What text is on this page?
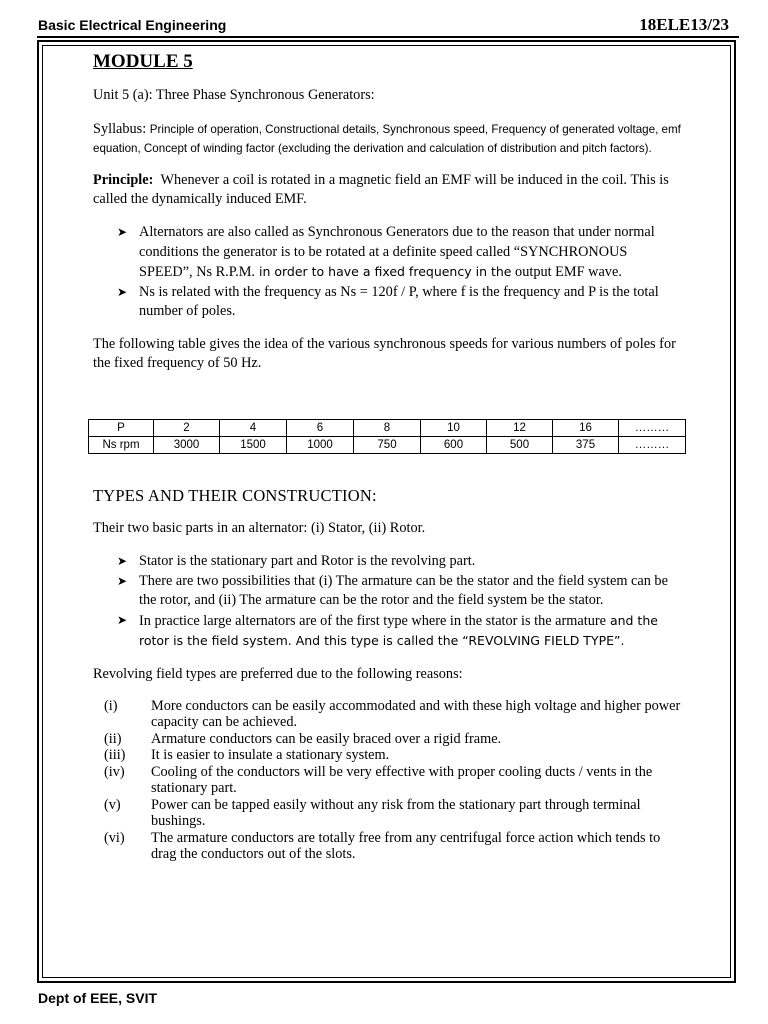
Basic Electrical Engineering	18ELE13/23
MODULE 5
Unit 5 (a): Three Phase Synchronous Generators:
Syllabus: Principle of operation, Constructional details, Synchronous speed, Frequency of generated voltage, emf equation, Concept of winding factor (excluding the derivation and calculation of distribution and pitch factors).
Principle: Whenever a coil is rotated in a magnetic field an EMF will be induced in the coil. This is called the dynamically induced EMF.
➤ Alternators are also called as Synchronous Generators due to the reason that under normal conditions the generator is to be rotated at a definite speed called “SYNCHRONOUS SPEED”, Ns R.P.M. in order to have a fixed frequency in the output EMF wave.
➤ Ns is related with the frequency as Ns = 120f / P, where f is the frequency and P is the total number of poles.
The following table gives the idea of the various synchronous speeds for various numbers of poles for the fixed frequency of 50 Hz.
P	2	4	6	8	10	12	16	………
Ns rpm	3000	1500	1000	750	600	500	375	………
TYPES AND THEIR CONSTRUCTION:
Their two basic parts in an alternator: (i) Stator, (ii) Rotor.
➤ Stator is the stationary part and Rotor is the revolving part.
➤ There are two possibilities that (i) The armature can be the stator and the field system can be the rotor, and (ii) The armature can be the rotor and the field system be the stator.
➤ In practice large alternators are of the first type where in the stator is the armature and the rotor is the field system. And this type is called the “REVOLVING FIELD TYPE”.
Revolving field types are preferred due to the following reasons:
(i)	More conductors can be easily accommodated and with these high voltage and higher power capacity can be achieved.
(ii)	Armature conductors can be easily braced over a rigid frame.
(iii)	It is easier to insulate a stationary system.
(iv)	Cooling of the conductors will be very effective with proper cooling ducts / vents in the stationary part.
(v)	Power can be tapped easily without any risk from the stationary part through terminal bushings.
(vi)	The armature conductors are totally free from any centrifugal force action which tends to drag the conductors out of the slots.
Dept of EEE, SVIT
